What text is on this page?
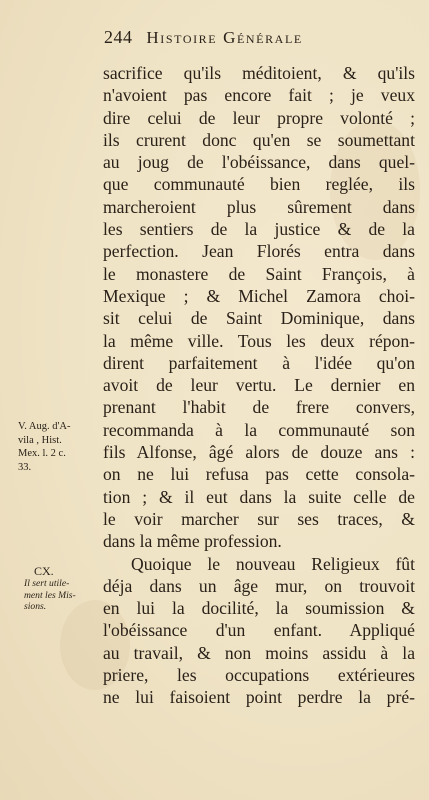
244 Histoire Générale
sacrifice qu'ils méditoient, & qu'ils
n'avoient pas encore fait ; je veux
dire celui de leur propre volonté ;
ils crurent donc qu'en se soumettant
au joug de l'obéissance, dans quel-
que communauté bien reglée, ils
marcheroient plus sûrement dans
les sentiers de la justice & de la
perfection. Jean Florés entra dans
le monastere de Saint François, à
Mexique ; & Michel Zamora choi-
sit celui de Saint Dominique, dans
la même ville. Tous les deux répon-
dirent parfaitement à l'idée qu'on
avoit de leur vertu. Le dernier en
prenant l'habit de frere convers,
recommanda à la communauté son
fils Alfonse, âgé alors de douze ans :
on ne lui refusa pas cette consola-
tion ; & il eut dans la suite celle de
le voir marcher sur ses traces, &
dans la même profession.
Quoique le nouveau Religieux fût
déja dans un âge mur, on trouvoit
en lui la docilité, la soumission &
l'obéissance d'un enfant. Appliqué
au travail, & non moins assidu à la
priere, les occupations extérieures
ne lui faisoient point perdre la pré-
V. Aug. d'A-
vila , Hist.
Mex. l. 2 c.
33.
CX.
Il sert utile-
ment les Mis-
sions.
